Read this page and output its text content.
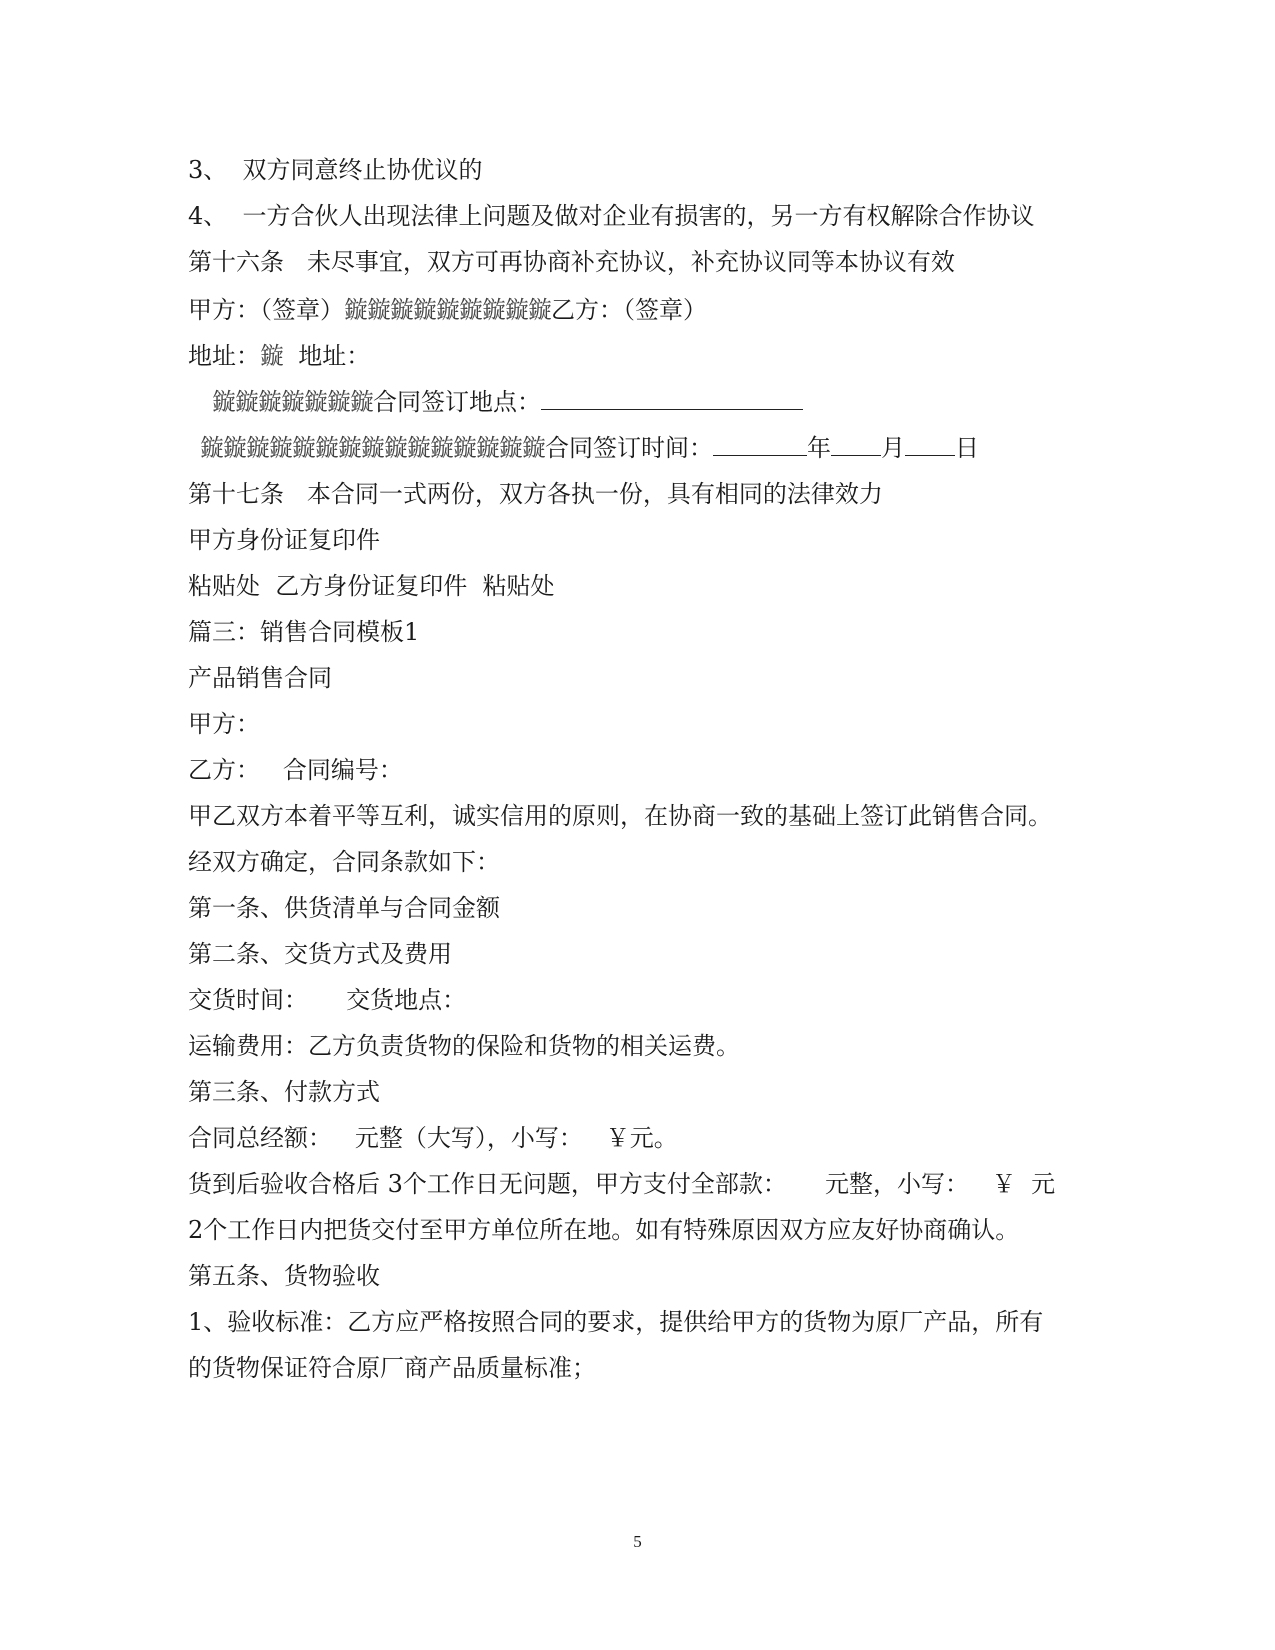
3、  双方同意终止协优议的
4、  一方合伙人出现法律上问题及做对企业有损害的，另一方有权解除合作协议
第十六条   未尽事宜，双方可再协商补充协议，补充协议同等本协议有效
甲方：（签章）鏇鏇鏇鏇鏇鏇鏇鏇鏇乙方：（签章）
地址：鏇  地址：
鏇鏇鏇鏇鏇鏇鏇合同签订地点：
鏇鏇鏇鏇鏇鏇鏇鏇鏇鏇鏇鏇鏇鏇鏇合同签订时间：	年 月 日
第十七条   本合同一式两份，双方各执一份，具有相同的法律效力
甲方身份证复印件
粘贴处  乙方身份证复印件  粘贴处
篇三：销售合同模板1
产品销售合同
甲方：
乙方：   合同编号：
甲乙双方本着平等互利，诚实信用的原则，在协商一致的基础上签订此销售合同。
经双方确定，合同条款如下：
第一条、供货清单与合同金额
第二条、交货方式及费用
交货时间：     交货地点：
运输费用：乙方负责货物的保险和货物的相关运费。
第三条、付款方式
合同总经额：   元整（大写），小写：   ￥元。
货到后验收合格后 3个工作日无问题，甲方支付全部款：     元整，小写：   ￥  元
2个工作日内把货交付至甲方单位所在地。如有特殊原因双方应友好协商确认。
第五条、货物验收
1、验收标准：乙方应严格按照合同的要求，提供给甲方的货物为原厂产品，所有
的货物保证符合原厂商产品质量标准；
5
